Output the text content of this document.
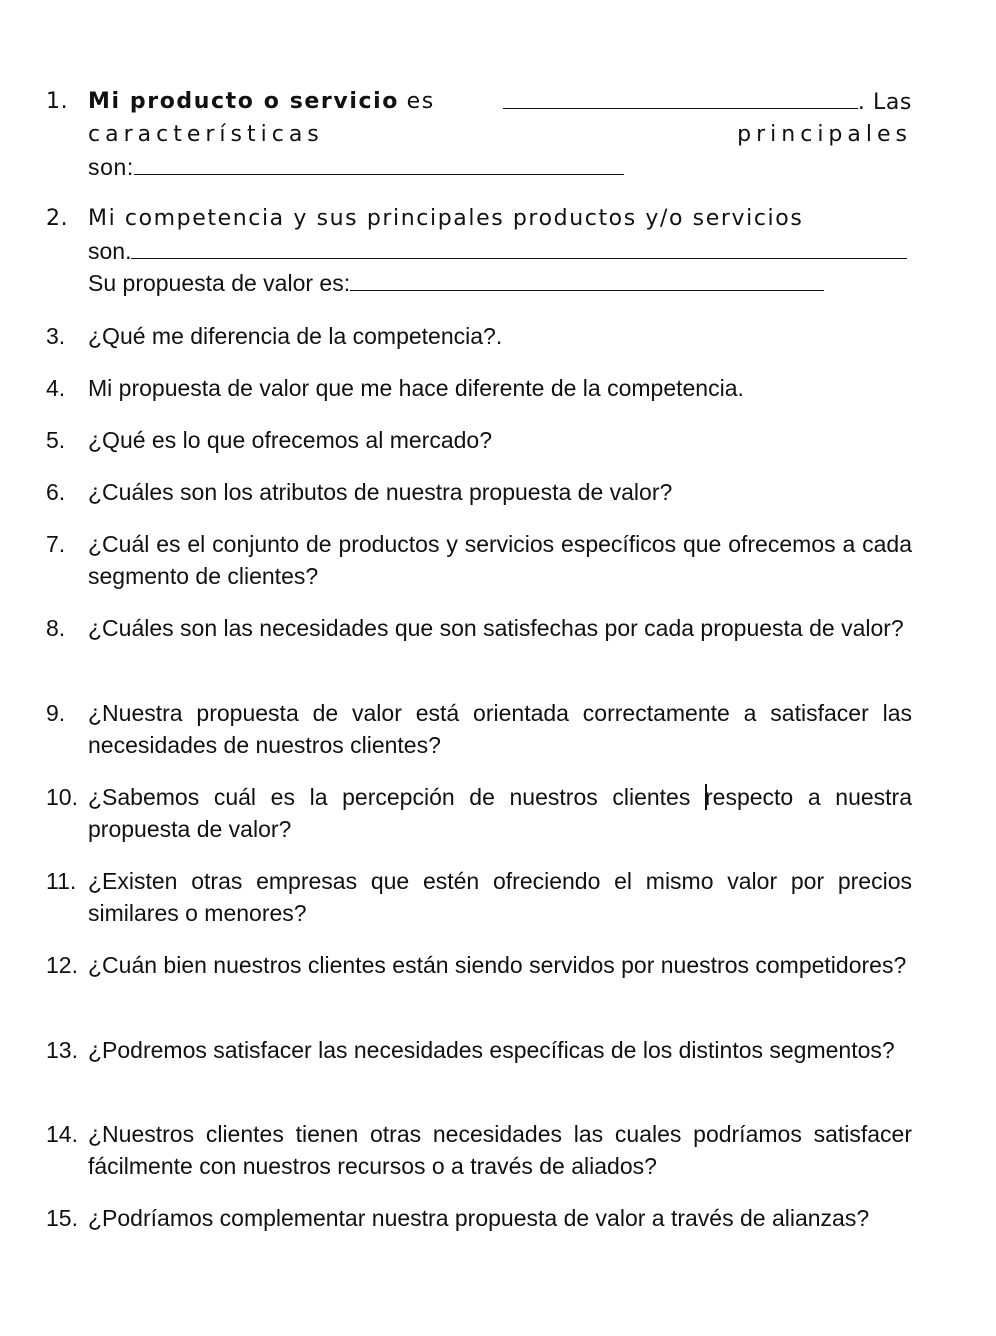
1. Mi producto o servicio es	. Las
características	principales
son:
2. Mi competencia y sus principales productos y/o servicios
son.
Su propuesta de valor es:
3. ¿Qué me diferencia de la competencia?.
4. Mi propuesta de valor que me hace diferente de la competencia.
5. ¿Qué es lo que ofrecemos al mercado?
6. ¿Cuáles son los atributos de nuestra propuesta de valor?
7. ¿Cuál es el conjunto de productos y servicios específicos que ofrecemos a cada segmento de clientes?
8. ¿Cuáles son las necesidades que son satisfechas por cada propuesta de valor?
9. ¿Nuestra propuesta de valor está orientada correctamente a satisfacer las necesidades de nuestros clientes?
10. ¿Sabemos cuál es la percepción de nuestros clientes respecto a nuestra propuesta de valor?
11. ¿Existen otras empresas que estén ofreciendo el mismo valor por precios similares o menores?
12. ¿Cuán bien nuestros clientes están siendo servidos por nuestros competidores?
13. ¿Podremos satisfacer las necesidades específicas de los distintos segmentos?
14. ¿Nuestros clientes tienen otras necesidades las cuales podríamos satisfacer fácilmente con nuestros recursos o a través de aliados?
15. ¿Podríamos complementar nuestra propuesta de valor a través de alianzas?
